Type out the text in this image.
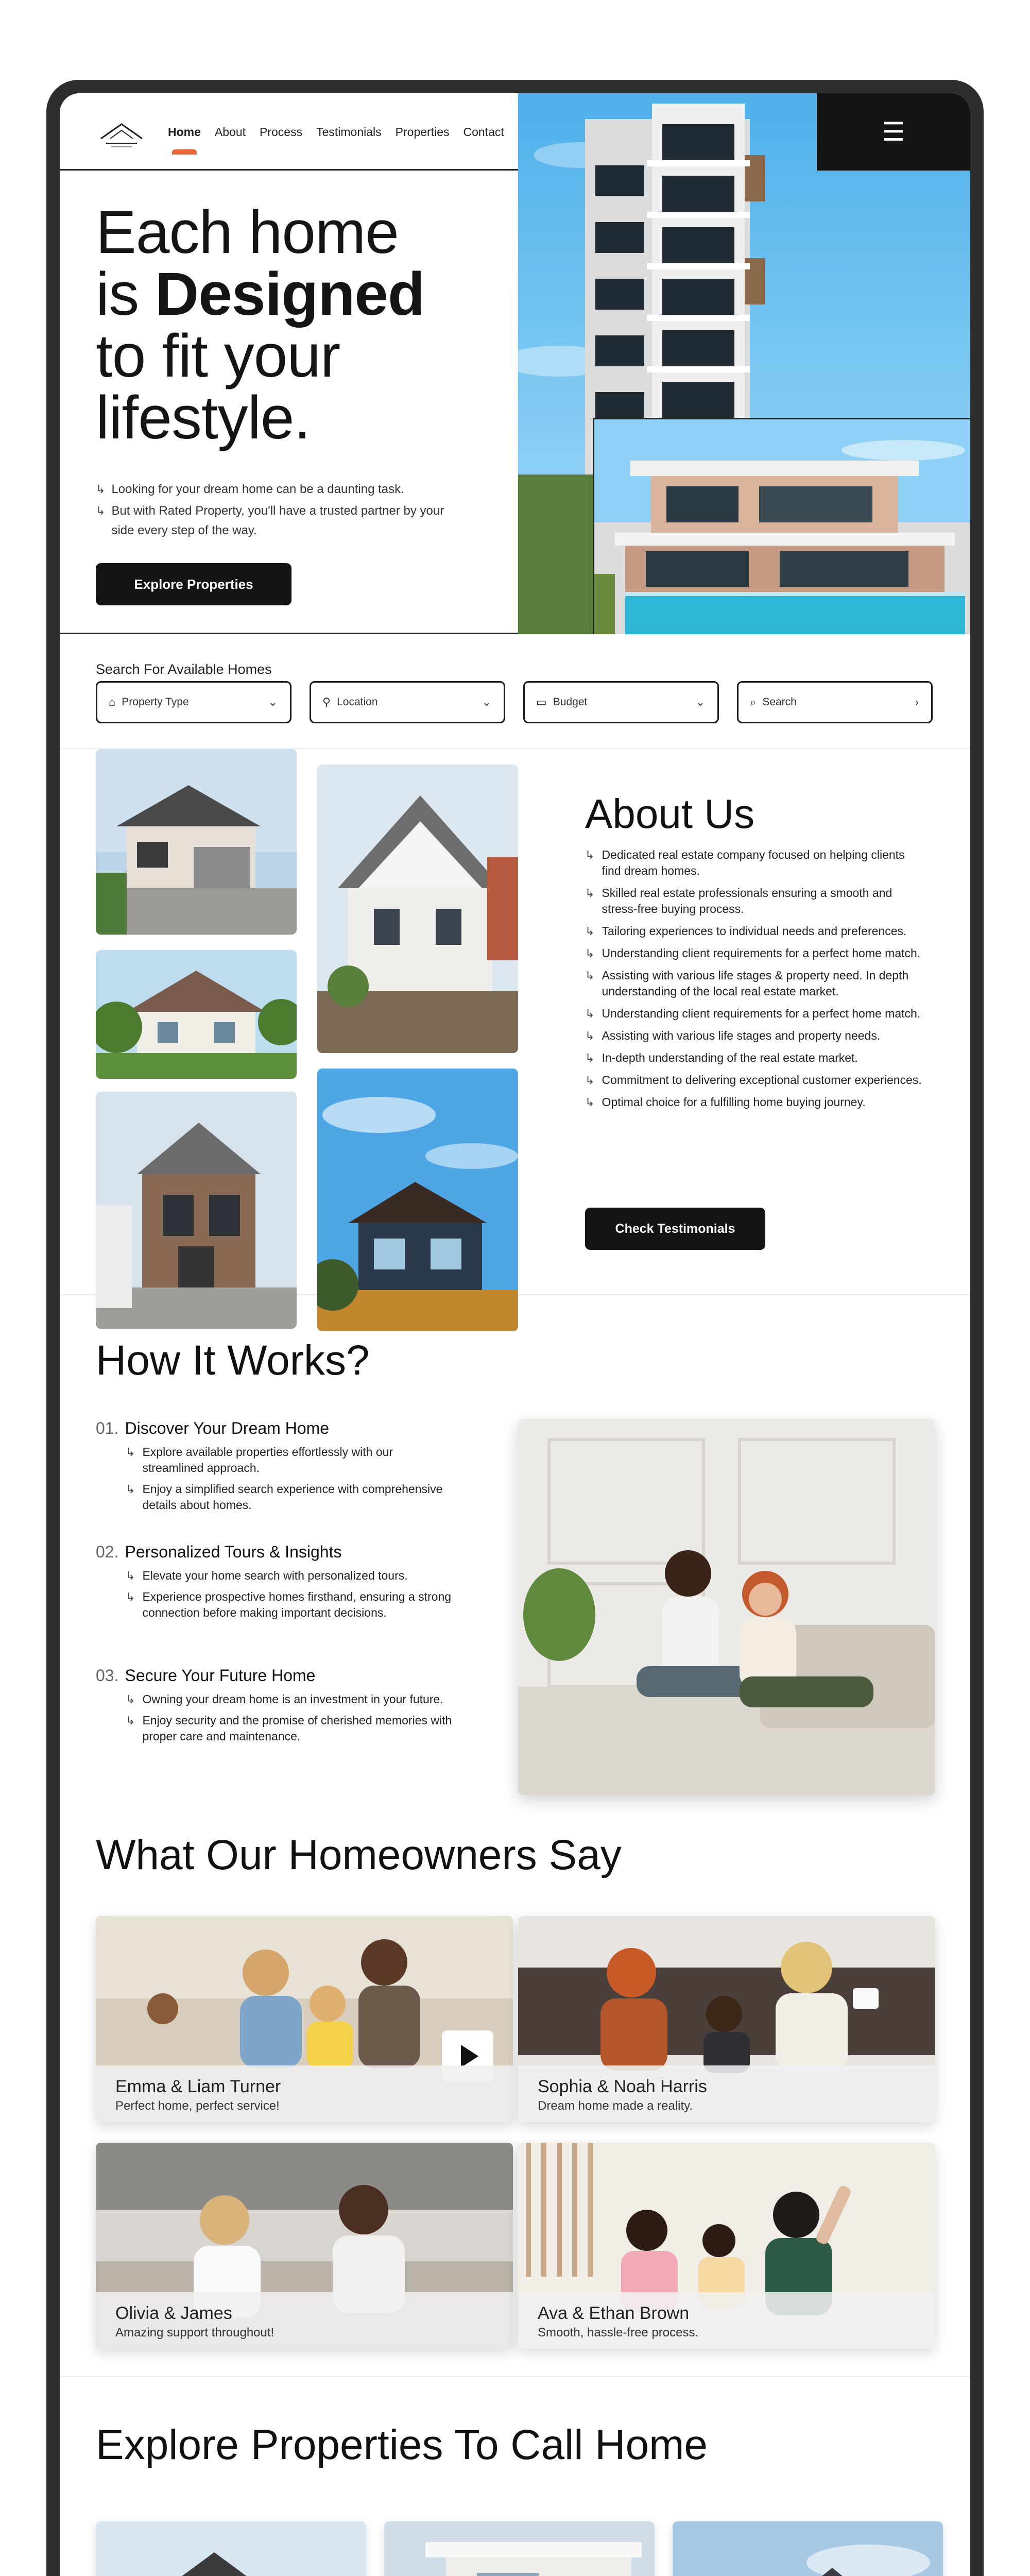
Home About Process Testimonials Properties Contact
Each home
is Designed
to fit your
lifestyle.
↳ Looking for your dream home can be a daunting task.
↳ But with Rated Property, you'll have a trusted partner by your side every step of the way.
Explore Properties
☰
Search For Available Homes
⌂ Property Type	⌄	⚲ Location	⌄	▭ Budget	⌄	⌕ Search	›
About Us
↳ Dedicated real estate company focused on helping clients find dream homes.
↳ Skilled real estate professionals ensuring a smooth and stress-free buying process.
↳ Tailoring experiences to individual needs and preferences.
↳ Understanding client requirements for a perfect home match.
↳ Assisting with various life stages & property need. In depth understanding of the local real estate market.
↳ Understanding client requirements for a perfect home match.
↳ Assisting with various life stages and property needs.
↳ In-depth understanding of the real estate market.
↳ Commitment to delivering exceptional customer experiences.
↳ Optimal choice for a fulfilling home buying journey.
Check Testimonials
How It Works?
01. Discover Your Dream Home
↳ Explore available properties effortlessly with our streamlined approach.
↳ Enjoy a simplified search experience with comprehensive details about homes.
02. Personalized Tours & Insights
↳ Elevate your home search with personalized tours.
↳ Experience prospective homes firsthand, ensuring a strong connection before making important decisions.
03. Secure Your Future Home
↳ Owning your dream home is an investment in your future.
↳ Enjoy security and the promise of cherished memories with proper care and maintenance.
What Our Homeowners Say
Emma & Liam Turner
Perfect home, perfect service!
Sophia & Noah Harris
Dream home made a reality.
Olivia & James
Amazing support throughout!
Ava & Ethan Brown
Smooth, hassle-free process.
Explore Properties To Call Home
